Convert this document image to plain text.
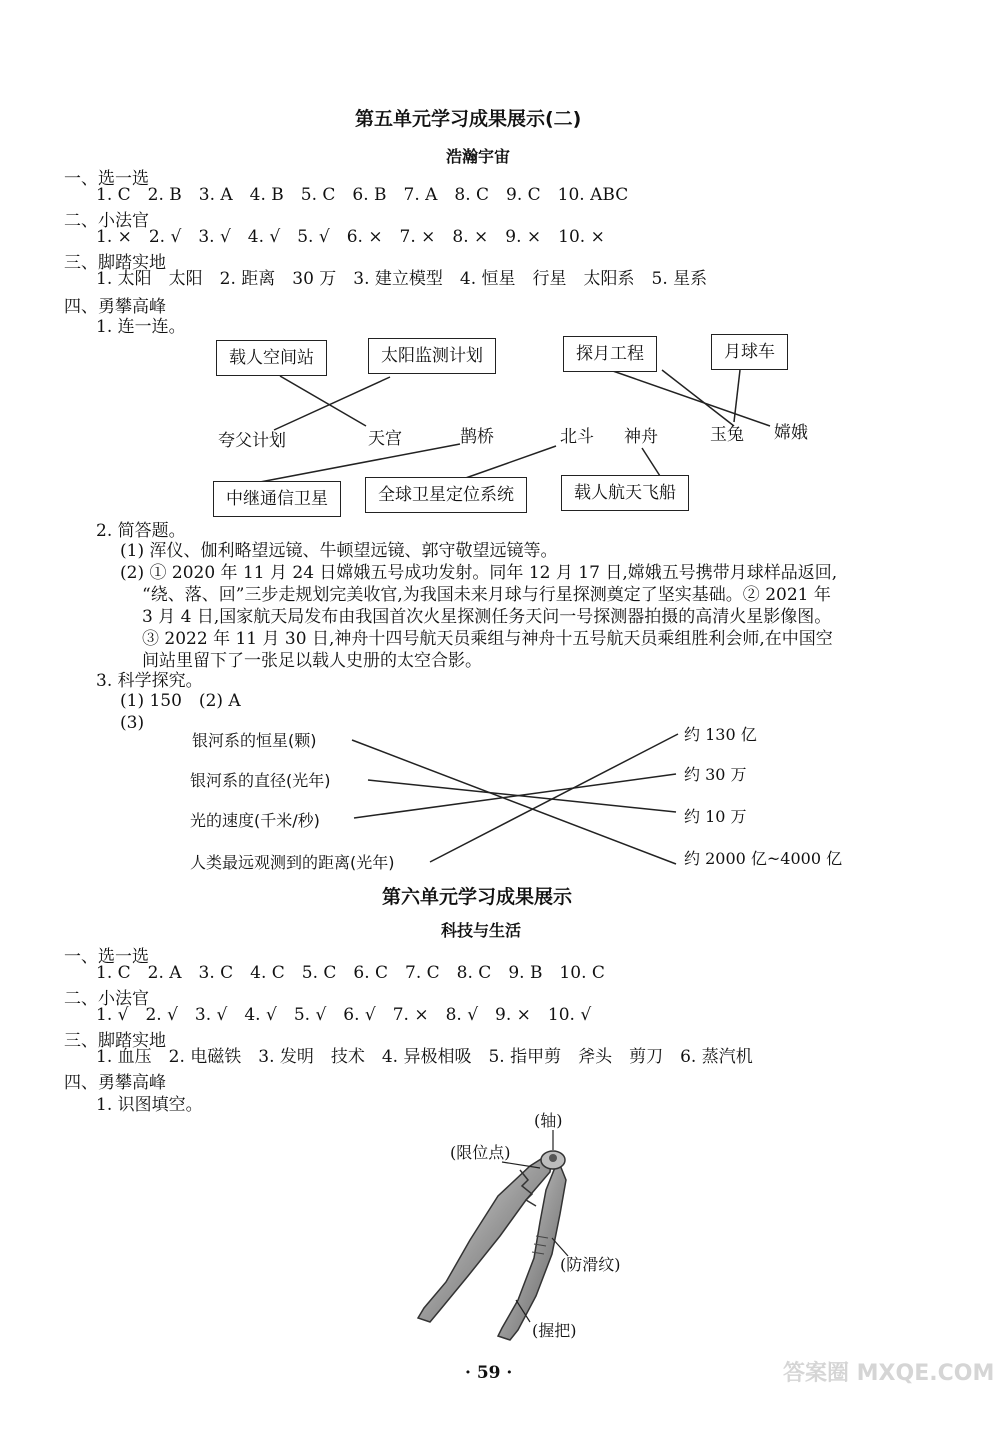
第五单元学习成果展示(二)
浩瀚宇宙
一、选一选
1. C　2. B　3. A　4. B　5. C　6. B　7. A　8. C　9. C　10. ABC
二、小法官
1. ×　2. √　3. √　4. √　5. √　6. ×　7. ×　8. ×　9. ×　10. ×
三、脚踏实地
1. 太阳　太阳　2. 距离　30 万　3. 建立模型　4. 恒星　行星　太阳系　5. 星系
四、勇攀高峰
1. 连一连。
载人空间站	太阳监测计划	探月工程	月球车
夸父计划	天宫	鹊桥	北斗 神舟	玉兔 嫦娥
中继通信卫星	全球卫星定位系统	载人航天飞船
2. 简答题。
(1) 浑仪、伽利略望远镜、牛顿望远镜、郭守敬望远镜等。
(2) ① 2020 年 11 月 24 日嫦娥五号成功发射。同年 12 月 17 日,嫦娥五号携带月球样品返回,
“绕、落、回”三步走规划完美收官,为我国未来月球与行星探测奠定了坚实基础。② 2021 年
3 月 4 日,国家航天局发布由我国首次火星探测任务天问一号探测器拍摄的高清火星影像图。
③ 2022 年 11 月 30 日,神舟十四号航天员乘组与神舟十五号航天员乘组胜利会师,在中国空
间站里留下了一张足以载人史册的太空合影。
3. 科学探究。
(1) 150　(2) A
(3)
银河系的恒星(颗)
银河系的直径(光年)
光的速度(千米/秒)
人类最远观测到的距离(光年)
约 130 亿
约 30 万
约 10 万
约 2000 亿~4000 亿
第六单元学习成果展示
科技与生活
一、选一选
1. C　2. A　3. C　4. C　5. C　6. C　7. C　8. C　9. B　10. C
二、小法官
1. √　2. √　3. √　4. √　5. √　6. √　7. ×　8. √　9. ×　10. √
三、脚踏实地
1. 血压　2. 电磁铁　3. 发明　技术　4. 异极相吸　5. 指甲剪　斧头　剪刀　6. 蒸汽机
四、勇攀高峰
1. 识图填空。
(轴)
(限位点)
(防滑纹)
(握把)
· 59 ·	答案圈 MXQE.COM
